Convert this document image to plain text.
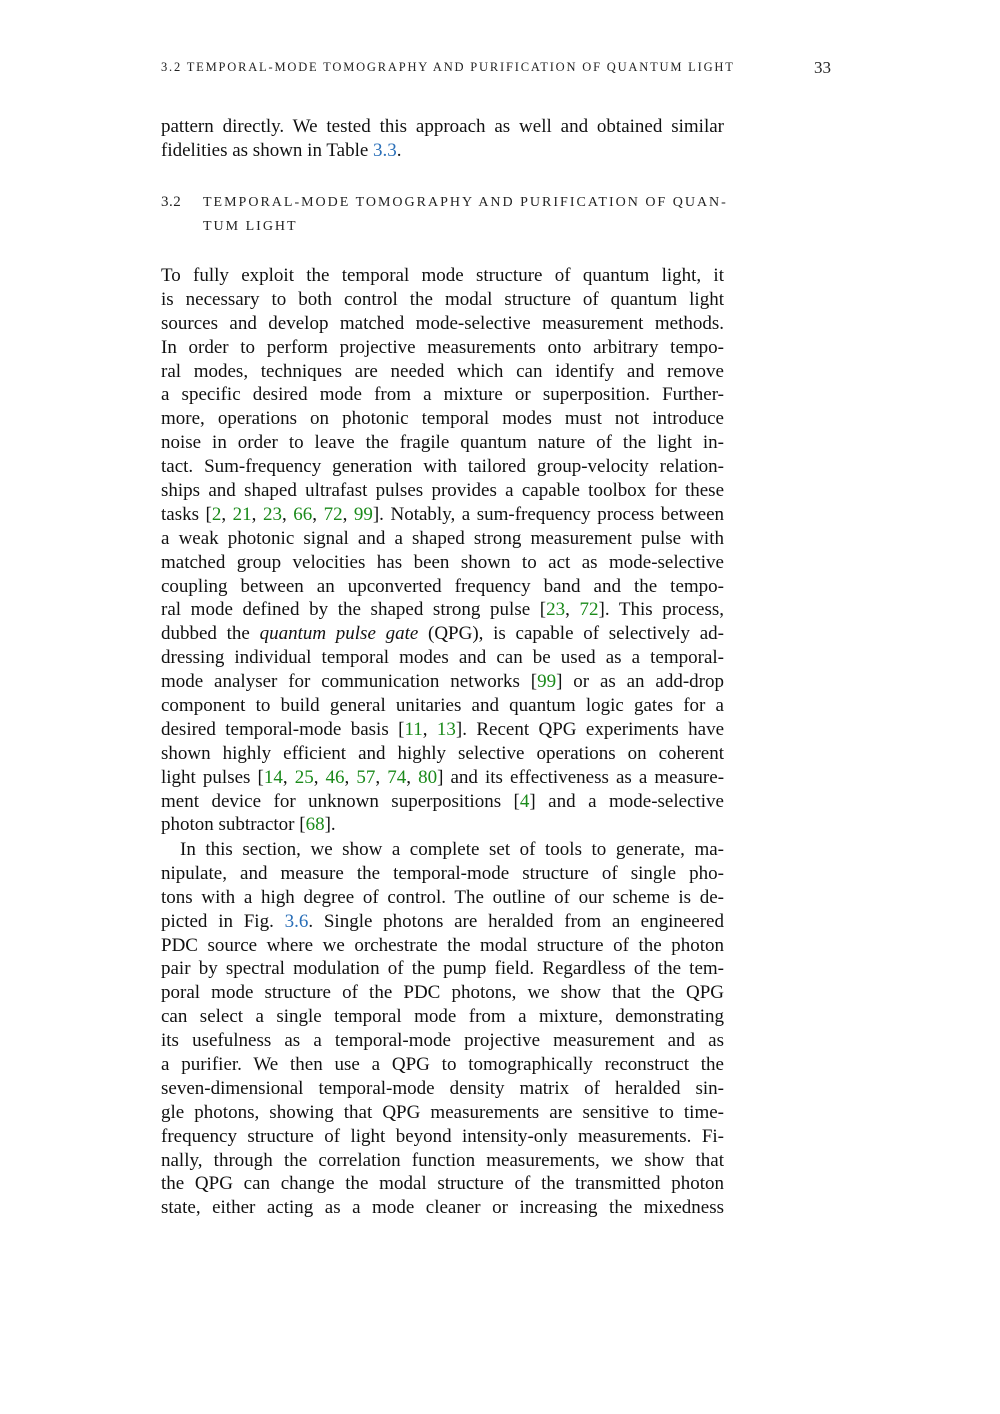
3.2 TEMPORAL-MODE TOMOGRAPHY AND PURIFICATION OF QUANTUM LIGHT	33
pattern directly. We tested this approach as well and obtained similar
fidelities as shown in Table 3.3.
3.2 TEMPORAL-MODE TOMOGRAPHY AND PURIFICATION OF QUAN-
TUM LIGHT
To fully exploit the temporal mode structure of quantum light, it
is necessary to both control the modal structure of quantum light
sources and develop matched mode-selective measurement methods.
In order to perform projective measurements onto arbitrary tempo-
ral modes, techniques are needed which can identify and remove
a specific desired mode from a mixture or superposition. Further-
more, operations on photonic temporal modes must not introduce
noise in order to leave the fragile quantum nature of the light in-
tact. Sum-frequency generation with tailored group-velocity relation-
ships and shaped ultrafast pulses provides a capable toolbox for these
tasks [2, 21, 23, 66, 72, 99]. Notably, a sum-frequency process between
a weak photonic signal and a shaped strong measurement pulse with
matched group velocities has been shown to act as mode-selective
coupling between an upconverted frequency band and the tempo-
ral mode defined by the shaped strong pulse [23, 72]. This process,
dubbed the quantum pulse gate (QPG), is capable of selectively ad-
dressing individual temporal modes and can be used as a temporal-
mode analyser for communication networks [99] or as an add-drop
component to build general unitaries and quantum logic gates for a
desired temporal-mode basis [11, 13]. Recent QPG experiments have
shown highly efficient and highly selective operations on coherent
light pulses [14, 25, 46, 57, 74, 80] and its effectiveness as a measure-
ment device for unknown superpositions [4] and a mode-selective
photon subtractor [68].
In this section, we show a complete set of tools to generate, ma-
nipulate, and measure the temporal-mode structure of single pho-
tons with a high degree of control. The outline of our scheme is de-
picted in Fig. 3.6. Single photons are heralded from an engineered
PDC source where we orchestrate the modal structure of the photon
pair by spectral modulation of the pump field. Regardless of the tem-
poral mode structure of the PDC photons, we show that the QPG
can select a single temporal mode from a mixture, demonstrating
its usefulness as a temporal-mode projective measurement and as
a purifier. We then use a QPG to tomographically reconstruct the
seven-dimensional temporal-mode density matrix of heralded sin-
gle photons, showing that QPG measurements are sensitive to time-
frequency structure of light beyond intensity-only measurements. Fi-
nally, through the correlation function measurements, we show that
the QPG can change the modal structure of the transmitted photon
state, either acting as a mode cleaner or increasing the mixedness
